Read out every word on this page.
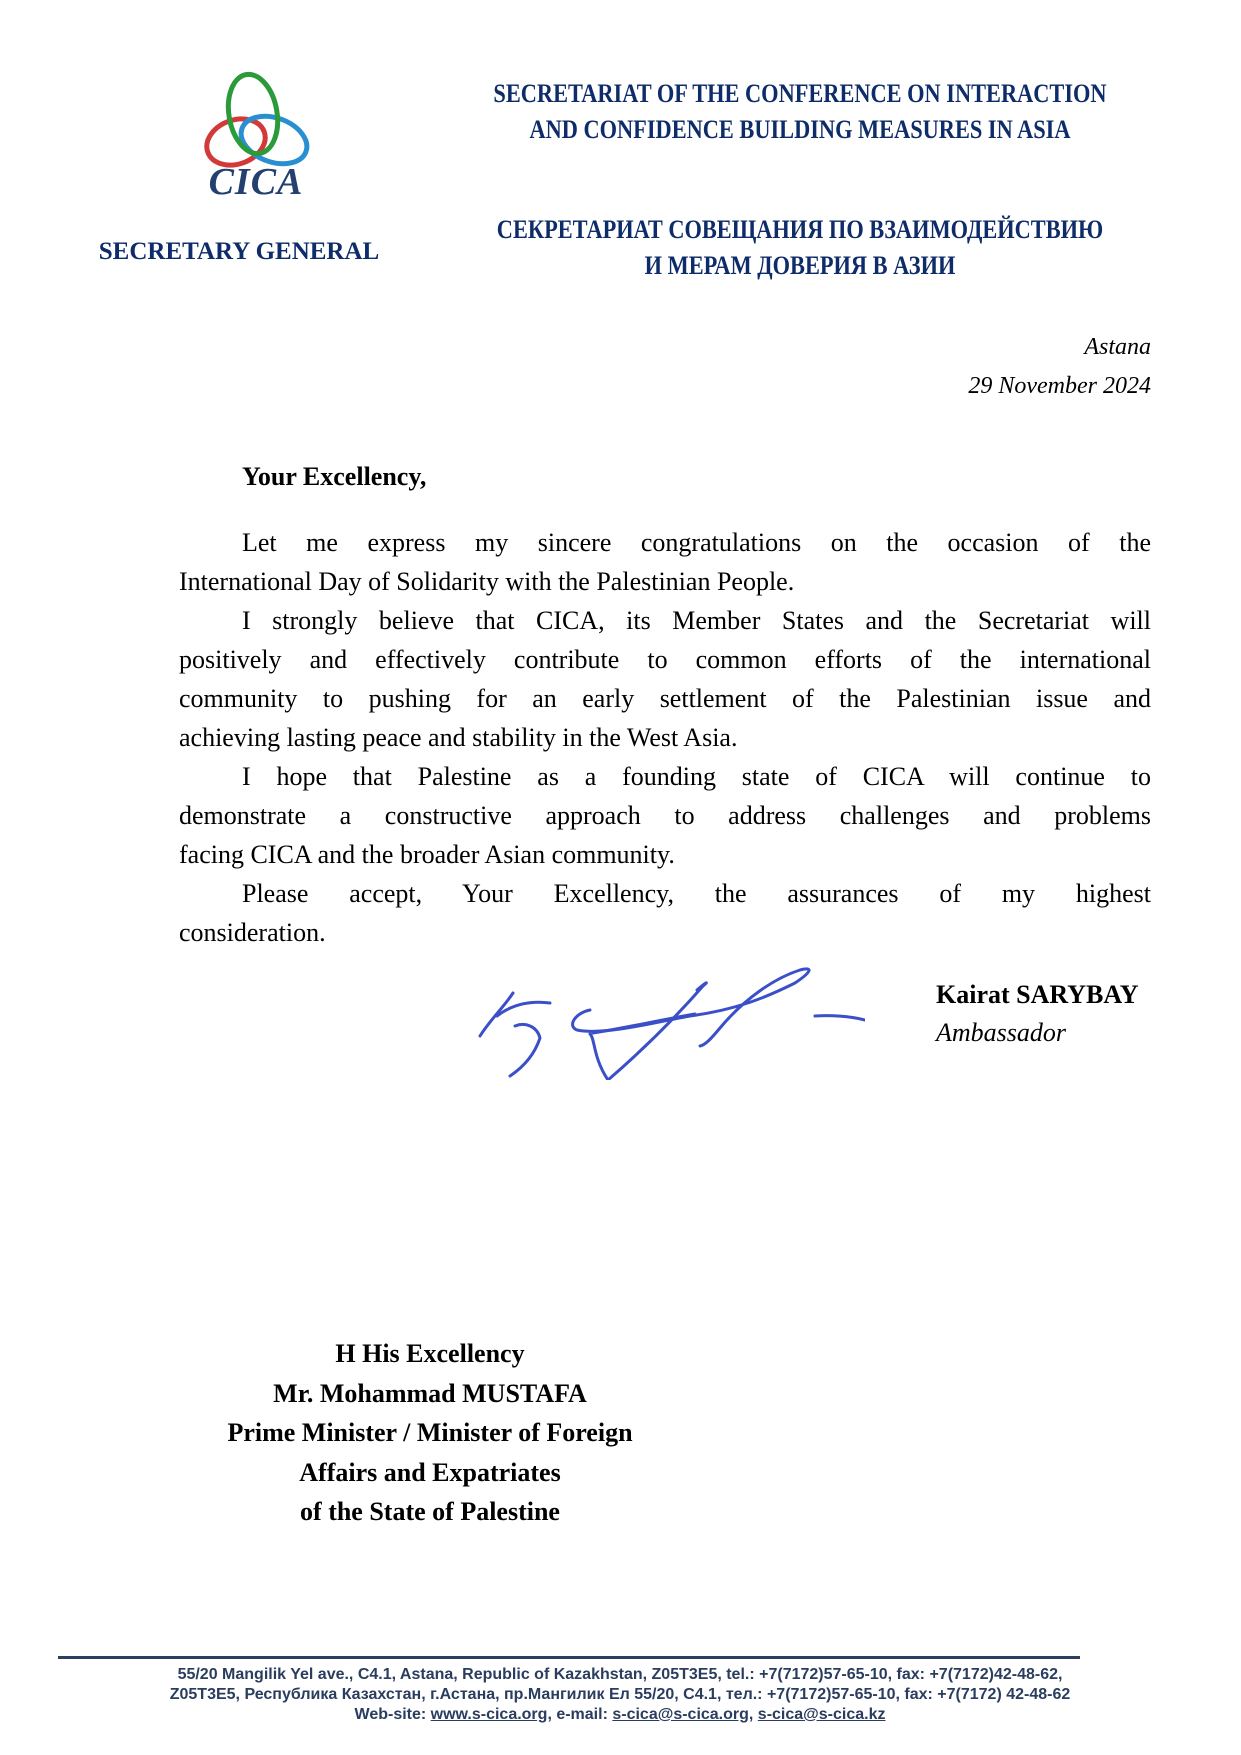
CICA
SECRETARY GENERAL
SECRETARIAT OF THE CONFERENCE ON INTERACTION
AND CONFIDENCE BUILDING MEASURES IN ASIA
СЕКРЕТАРИАТ СОВЕЩАНИЯ ПО ВЗАИМОДЕЙСТВИЮ
И МЕРАМ ДОВЕРИЯ В АЗИИ
Astana
29 November 2024
Your Excellency,
Let me express my sincere congratulations on the occasion of the
International Day of Solidarity with the Palestinian People.
I strongly believe that CICA, its Member States and the Secretariat will
positively and effectively contribute to common efforts of the international
community to pushing for an early settlement of the Palestinian issue and
achieving lasting peace and stability in the West Asia.
I hope that Palestine as a founding state of CICA will continue to
demonstrate a constructive approach to address challenges and problems
facing CICA and the broader Asian community.
Please accept, Your Excellency, the assurances of my highest
consideration.
Kairat SARYBAY
Ambassador
H His Excellency
Mr. Mohammad MUSTAFA
Prime Minister / Minister of Foreign
Affairs and Expatriates
of the State of Palestine
55/20 Mangilik Yel ave., C4.1, Astana, Republic of Kazakhstan, Z05T3E5, tel.: +7(7172)57-65-10, fax: +7(7172)42-48-62,
Z05T3E5, Республика Казахстан, г.Астана, пр.Мангилик Ел 55/20, С4.1, тел.: +7(7172)57-65-10, fax: +7(7172) 42-48-62
Web-site: www.s-cica.org, e-mail: s-cica@s-cica.org, s-cica@s-cica.kz
